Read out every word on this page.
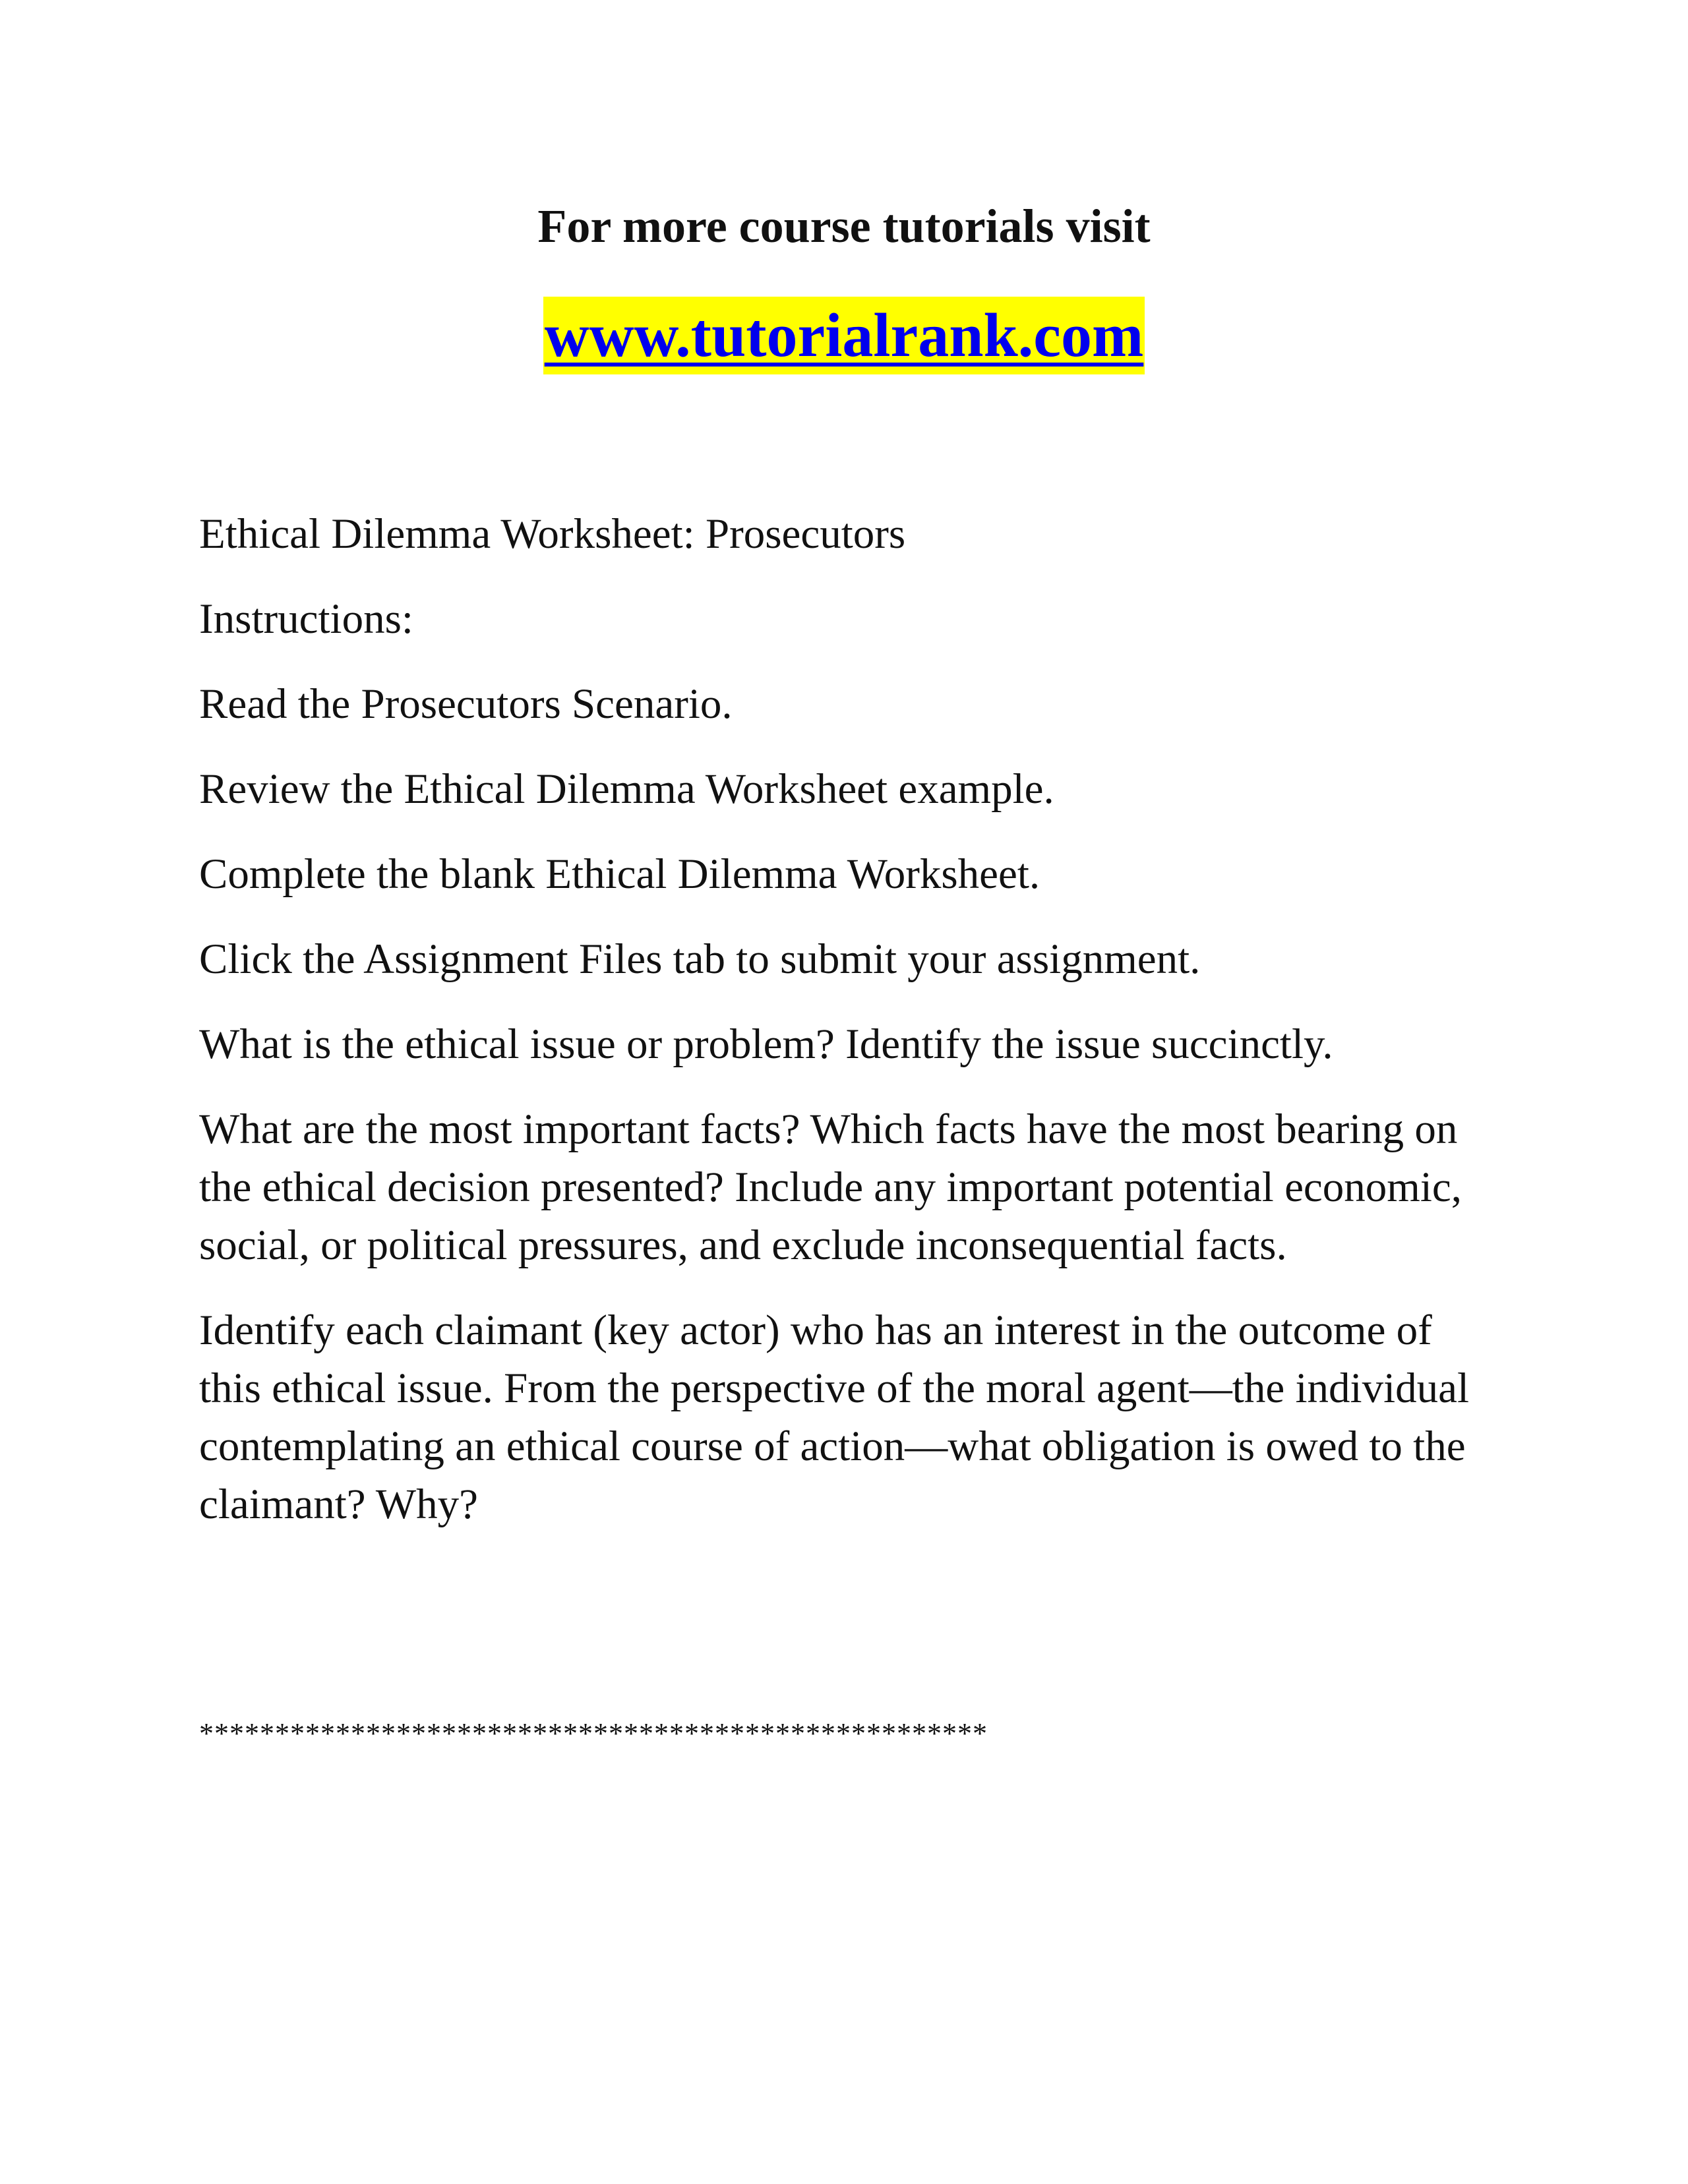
For more course tutorials visit

www.tutorialrank.com

Ethical Dilemma Worksheet: Prosecutors

Instructions:

Read the Prosecutors Scenario.

Review the Ethical Dilemma Worksheet example.

Complete the blank Ethical Dilemma Worksheet.

Click the Assignment Files tab to submit your assignment.

What is the ethical issue or problem? Identify the issue succinctly.

What are the most important facts? Which facts have the most bearing on the ethical decision presented? Include any important potential economic, social, or political pressures, and exclude inconsequential facts.

Identify each claimant (key actor) who has an interest in the outcome of this ethical issue. From the perspective of the moral agent—the individual contemplating an ethical course of action—what obligation is owed to the claimant? Why?

****************************************************
